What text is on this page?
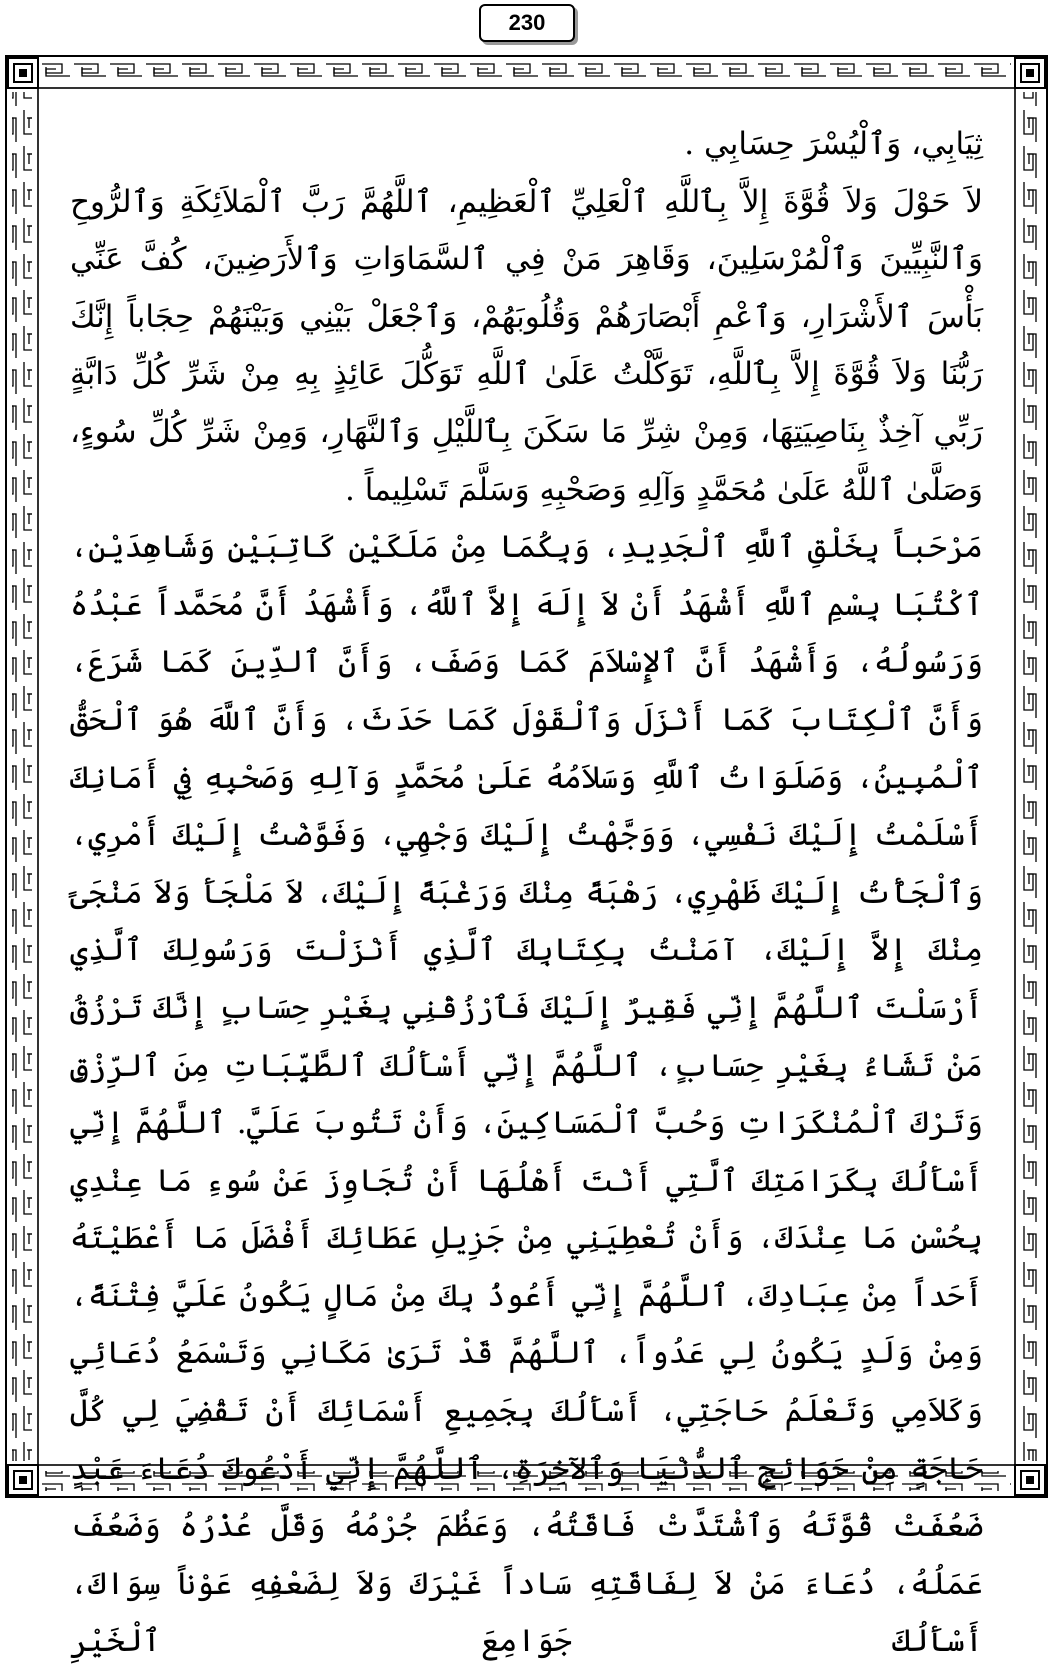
230

ثِيَابِي، وَٱلْيُسْرَ حِسَابِي .

لاَ حَوْلَ وَلاَ قُوَّةَ إِلاَّ بِٱللَّهِ ٱلْعَلِيِّ ٱلْعَظِيمِ، ٱللَّهُمَّ رَبَّ ٱلْمَلاَئِكَةِ وَٱلرُّوحِ وَٱلنَّبِيِّينَ وَٱلْمُرْسَلِينَ، وَقَاهِرَ مَنْ فِي ٱلسَّمَاوَاتِ وَٱلأَرَضِينَ، كُفَّ عَنِّي بَأْسَ ٱلأَشْرَارِ، وَٱعْمِ أَبْصَارَهُمْ وَقُلُوبَهُمْ، وَٱجْعَلْ بَيْنِي وَبَيْنَهُمْ حِجَاباً إِنَّكَ رَبُّنَا وَلاَ قُوَّةَ إِلاَّ بِٱللَّهِ، تَوَكَّلْتُ عَلَىٰ ٱللَّهِ تَوَكُّلَ عَائِذٍ بِهِ مِنْ شَرِّ كُلِّ دَابَّةٍ رَبِّي آخِذٌ بِنَاصِيَتِهَا، وَمِنْ شِرِّ مَا سَكَنَ بِٱللَّيْلِ وَٱلنَّهَارِ، وَمِنْ شَرِّ كُلِّ سُوءٍ، وَصَلَّىٰ ٱللَّهُ عَلَىٰ مُحَمَّدٍ وَآلِهِ وَصَحْبِهِ وَسَلَّمَ تَسْلِيماً .

مَرْحَباً بِخَلْقِ ٱللَّهِ ٱلْجَدِيدِ، وَبِكُمَا مِنْ مَلَكَيْنِ كَاتِبَيْنِ وَشَاهِدَيْنِ، ٱكْتُبَا بِسْمِ ٱللَّهِ أَشْهَدُ أَنْ لاَ إِلَهَ إِلاَّ ٱللَّهُ، وَأَشْهَدُ أَنَّ مُحَمَّداً عَبْدُهُ وَرَسُولُهُ، وَأَشْهَدُ أَنَّ ٱلإِسْلاَمَ كَمَا وَصَفَ، وَأَنَّ ٱلدِّينَ كَمَا شَرَعَ، وَأَنَّ ٱلْكِتَابَ كَمَا أَنْزَلَ وَٱلْقَوْلَ كَمَا حَدَثَ، وَأَنَّ ٱللَّهَ هُوَ ٱلْحَقُّ ٱلْمُبِينُ، وَصَلَوَاتُ ٱللَّهِ وَسَلاَمُهُ عَلَىٰ مُحَمَّدٍ وَآلِهِ وَصَحْبِهِ فِي أَمَانِكَ أَسْلَمْتُ إِلَيْكَ نَفْسِي، وَوَجَّهْتُ إِلَيْكَ وَجْهِي، وَفَوَّضْتُ إِلَيْكَ أَمْرِي، وَٱلْجَأْتُ إِلَيْكَ ظَهْرِي، رَهْبَةً مِنْكَ وَرَغْبَةً إِلَيْكَ، لاَ مَلْجَأَ وَلاَ مَنْجَىً مِنْكَ إِلاَّ إِلَيْكَ، آمَنْتُ بِكِتَابِكَ ٱلَّذِي أَنْزَلْتَ وَرَسُولِكَ ٱلَّذِي أَرْسَلْتَ ٱللَّهُمَّ إِنِّي فَقِيرٌ إِلَيْكَ فَٱرْزُقْنِي بِغَيْرِ حِسَابٍ إِنَّكَ تَرْزُقُ مَنْ تَشَاءُ بِغَيْرِ حِسَابٍ، ٱللَّهُمَّ إِنِّي أَسْأَلُكَ ٱلطَّيِّبَاتِ مِنَ ٱلرِّزْقِ وَتَرْكَ ٱلْمُنْكَرَاتِ وَحُبَّ ٱلْمَسَاكِينَ، وَأَنْ تَتُوبَ عَلَيَّ. ٱللَّهُمَّ إِنِّي أَسْأَلُكَ بِكَرَامَتِكَ ٱلَّتِي أَنْتَ أَهْلُهَا أَنْ تُجَاوِزَ عَنْ سُوءِ مَا عِنْدِي بِحُسْنِ مَا عِنْدَكَ، وَأَنْ تُعْطِيَنِي مِنْ جَزِيلِ عَطَائِكَ أَفْضَلَ مَا أَعْطَيْتَهُ أَحَداً مِنْ عِبَادِكَ، ٱللَّهُمَّ إِنِّي أَعُوذُ بِكَ مِنْ مَالٍ يَكُونُ عَلَيَّ فِتْنَةً، وَمِنْ وَلَدٍ يَكُونُ لِي عَدُواً، ٱللَّهُمَّ قَدْ تَرَىٰ مَكَانِي وَتَسْمَعُ دُعَائِي وَكَلاَمِي وَتَعْلَمُ حَاجَتِي، أَسْأَلُكَ بِجَمِيعِ أَسْمَائِكَ أَنْ تَقْضِيَ لِي كُلَّ حَاجَةٍ مِنْ حَوَائِجِ ٱلدُّنْيَا وَٱلآخِرَةِ، ٱللَّهُمَّ إِنِّي أَدْعُوكَ دُعَاءَ عَبْدٍ ضَعُفَتْ قُوَّتَهُ وَٱشْتَدَّتْ فَاقَتُهُ، وَعَظُمَ جُرْمُهُ وَقَلَّ عُذْرُهُ وَضَعُفَ عَمَلُهُ، دُعَاءَ مَنْ لاَ لِفَاقَتِهِ سَاداً غَيْرَكَ وَلاَ لِضَعْفِهِ عَوْناً سِوَاكَ، أَسْأَلُكَ جَوَامِعَ ٱلْخَيْرِ
